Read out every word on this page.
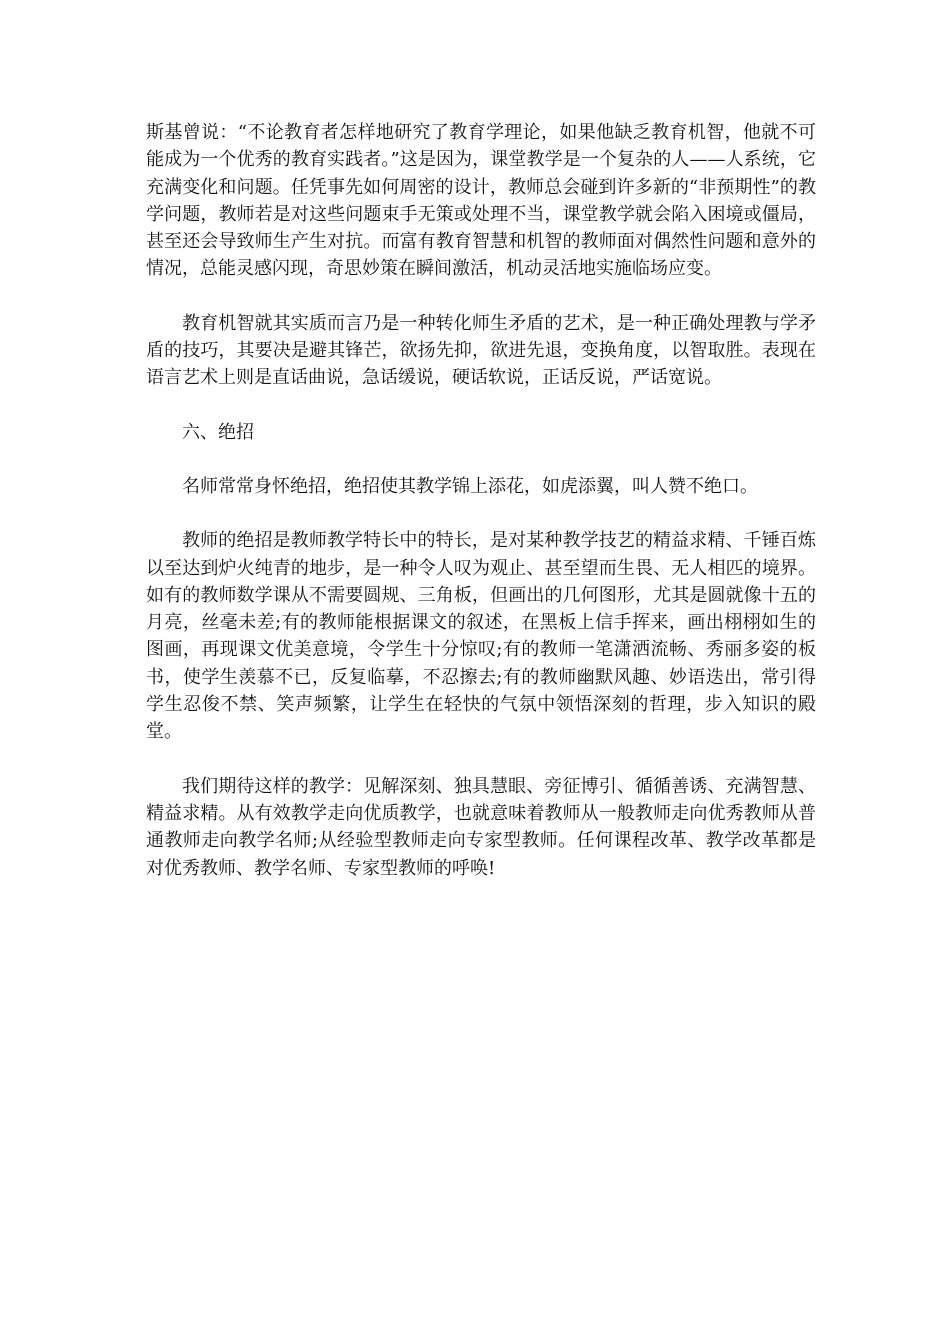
斯基曾说：“不论教育者怎样地研究了教育学理论，如果他缺乏教育机智，他就不可能成为一个优秀的教育实践者。”这是因为，课堂教学是一个复杂的人——人系统，它充满变化和问题。任凭事先如何周密的设计，教师总会碰到许多新的“非预期性”的教学问题，教师若是对这些问题束手无策或处理不当，课堂教学就会陷入困境或僵局，甚至还会导致师生产生对抗。而富有教育智慧和机智的教师面对偶然性问题和意外的情况，总能灵感闪现，奇思妙策在瞬间激活，机动灵活地实施临场应变。

教育机智就其实质而言乃是一种转化师生矛盾的艺术，是一种正确处理教与学矛盾的技巧，其要决是避其锋芒，欲扬先抑，欲进先退，变换角度，以智取胜。表现在语言艺术上则是直话曲说，急话缓说，硬话软说，正话反说，严话宽说。

六、绝招

名师常常身怀绝招，绝招使其教学锦上添花，如虎添翼，叫人赞不绝口。

教师的绝招是教师教学特长中的特长，是对某种教学技艺的精益求精、千锤百炼以至达到炉火纯青的地步，是一种令人叹为观止、甚至望而生畏、无人相匹的境界。如有的教师数学课从不需要圆规、三角板，但画出的几何图形，尤其是圆就像十五的月亮，丝毫未差;有的教师能根据课文的叙述，在黑板上信手挥来，画出栩栩如生的图画，再现课文优美意境，令学生十分惊叹;有的教师一笔潇洒流畅、秀丽多姿的板书，使学生羡慕不已，反复临摹，不忍擦去;有的教师幽默风趣、妙语迭出，常引得学生忍俊不禁、笑声频繁，让学生在轻快的气氛中领悟深刻的哲理，步入知识的殿堂。

我们期待这样的教学：见解深刻、独具慧眼、旁征博引、循循善诱、充满智慧、精益求精。从有效教学走向优质教学，也就意味着教师从一般教师走向优秀教师从普通教师走向教学名师;从经验型教师走向专家型教师。任何课程改革、教学改革都是对优秀教师、教学名师、专家型教师的呼唤!
